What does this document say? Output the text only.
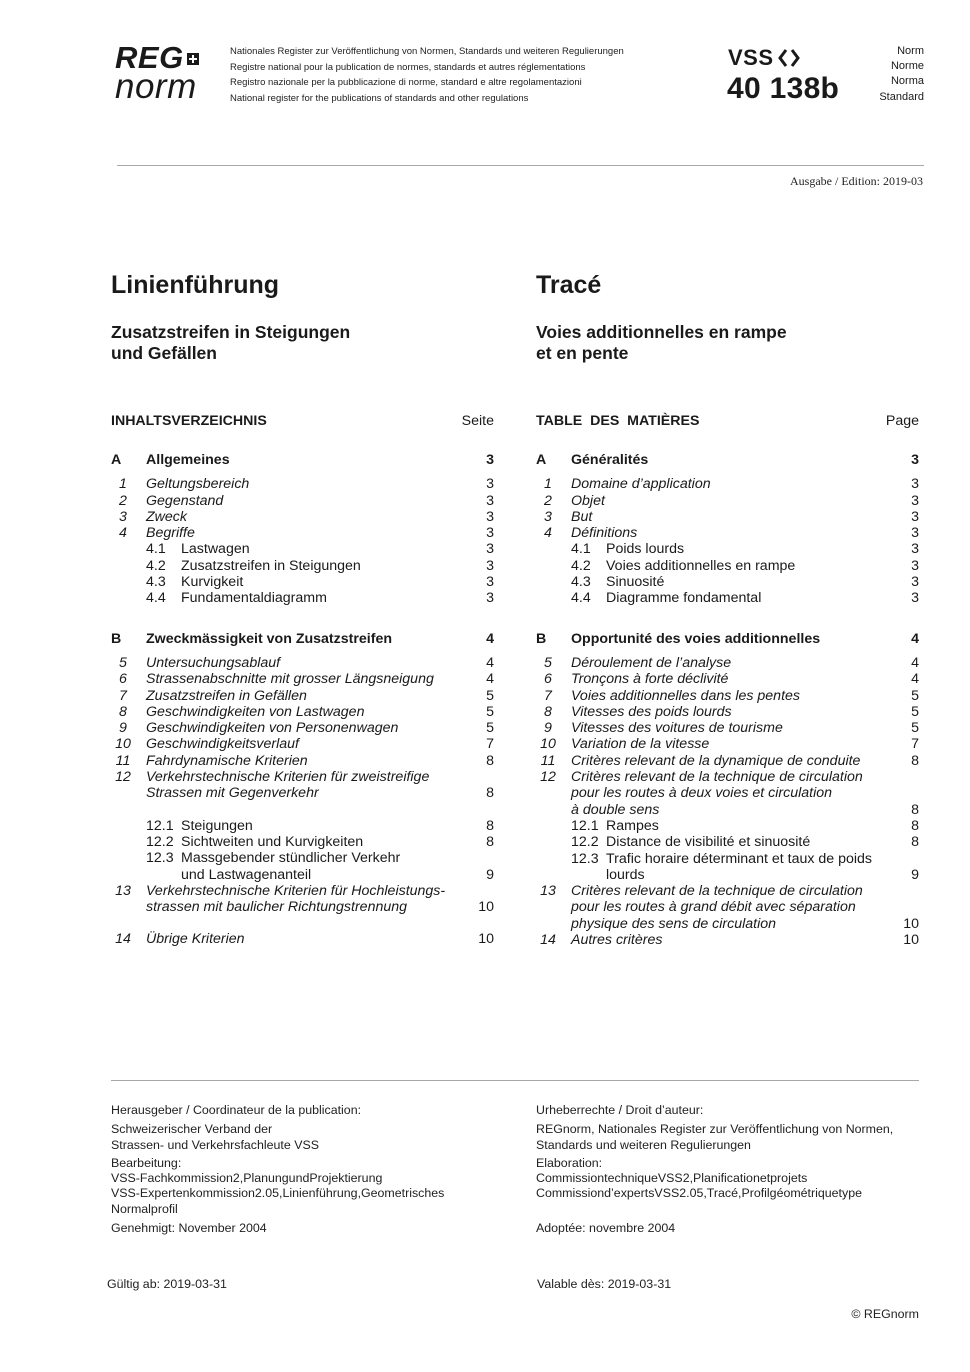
REG
norm
Nationales Register zur Veröffentlichung von Normen, Standards und weiteren Regulierungen
Registre national pour la publication de normes, standards et autres réglementations
Registro nazionale per la pubblicazione di norme, standard e altre regolamentazioni
National register for the publications of standards and other regulations
VSS
40 138b
Norm
Norme
Norma
Standard
Ausgabe / Edition: 2019-03
Linienführung	Tracé
Zusatzstreifen in Steigungen
und Gefällen
Voies additionnelles en rampe
et en pente
INHALTSVERZEICHNIS	Seite
A	Allgemeines	3
1	Geltungsbereich	3
2	Gegenstand	3
3	Zweck	3
4	Begriffe	3
4.1 Lastwagen	3
4.2 Zusatzstreifen in Steigungen	3
4.3 Kurvigkeit	3
4.4 Fundamentaldiagramm	3
B	Zweckmässigkeit von Zusatzstreifen	4
5	Untersuchungsablauf	4
6	Strassenabschnitte mit grosser Längsneigung	4
7	Zusatzstreifen in Gefällen	5
8	Geschwindigkeiten von Lastwagen	5
9	Geschwindigkeiten von Personenwagen	5
10 Geschwindigkeitsverlauf	7
11	Fahrdynamische Kriterien	8
12 Verkehrstechnische Kriterien für zweistreifige
Strassen mit Gegenverkehr	8
12.1 Steigungen	8
12.2 Sichtweiten und Kurvigkeiten	8
12.3 Massgebender stündlicher Verkehr
und Lastwagenanteil	9
13 Verkehrstechnische Kriterien für Hochleistungs-
strassen mit baulicher Richtungstrennung	10
14 Übrige Kriterien	10
TABLE  DES  MATIÈRES	Page
A	Généralités	3
1	Domaine d’application	3
2	Objet	3
3	But	3
4	Définitions	3
4.1 Poids lourds	3
4.2 Voies additionnelles en rampe	3
4.3 Sinuosité	3
4.4 Diagramme fondamental	3
B	Opportunité des voies additionnelles	4
5	Déroulement de l’analyse	4
6	Tronçons à forte déclivité	4
7	Voies additionnelles dans les pentes	5
8	Vitesses des poids lourds	5
9	Vitesses des voitures de tourisme	5
10 Variation de la vitesse	7
11	Critères relevant de la dynamique de conduite	8
12 Critères relevant de la technique de circulation
pour les routes à deux voies et circulation
à double sens	8
12.1 Rampes	8
12.2 Distance de visibilité et sinuosité	8
12.3 Trafic horaire déterminant et taux de poids
lourds	9
13 Critères relevant de la technique de circulation
pour les routes à grand débit avec séparation
physique des sens de circulation	10
14 Autres critères	10

Herausgeber / Coordinateur de la publication:

Schweizerischer Verband der

Strassen- und Verkehrsfachleute VSS

Bearbeitung:

VSS-Fachkommission2,PlanungundProjektierung

VSS-Expertenkommission2.05,Linienführung,Geometrisches

Normalprofil

Genehmigt: November 2004

Urheberrechte / Droit d’auteur:

REGnorm, Nationales Register zur Veröffentlichung von Normen,

Standards und weiteren Regulierungen

Elaboration:

CommissiontechniqueVSS2,Planificationetprojets

Commissiond’expertsVSS2.05,Tracé,Profilgéométriquetype

Adoptée: novembre 2004

Gültig ab: 2019-03-31	Valable dès: 2019-03-31
© REGnorm
